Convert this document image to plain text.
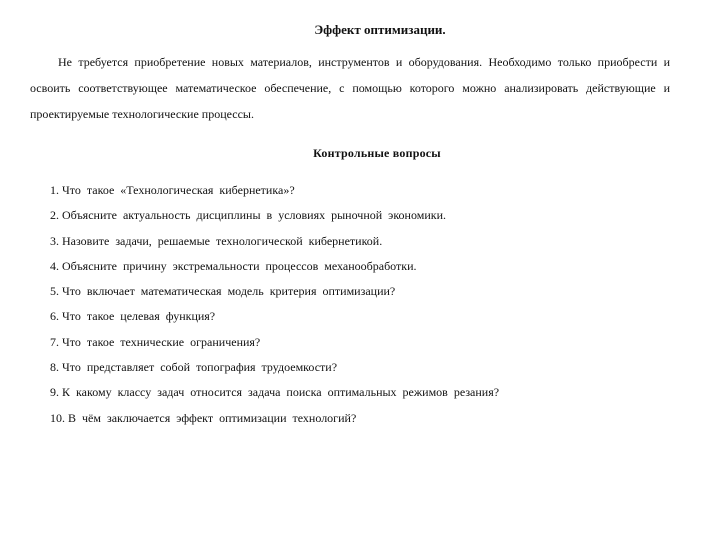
Эффект оптимизации.

Не требуется приобретение новых материалов, инструментов и оборудования. Необходимо только приобрести и освоить соответствующее математическое обеспечение, с помощью которого можно анализировать действующие и проектируемые технологические процессы.

Контрольные вопросы
1. Что такое «Технологическая кибернетика»?
2. Объясните актуальность дисциплины в условиях рыночной экономики.
3. Назовите задачи, решаемые технологической кибернетикой.
4. Объясните причину экстремальности процессов механообработки.
5. Что включает математическая модель критерия оптимизации?
6. Что такое целевая функция?
7. Что такое технические ограничения?
8. Что представляет собой топография трудоемкости?
9. К какому классу задач относится задача поиска оптимальных режимов резания?
10. В чём заключается эффект оптимизации технологий?
